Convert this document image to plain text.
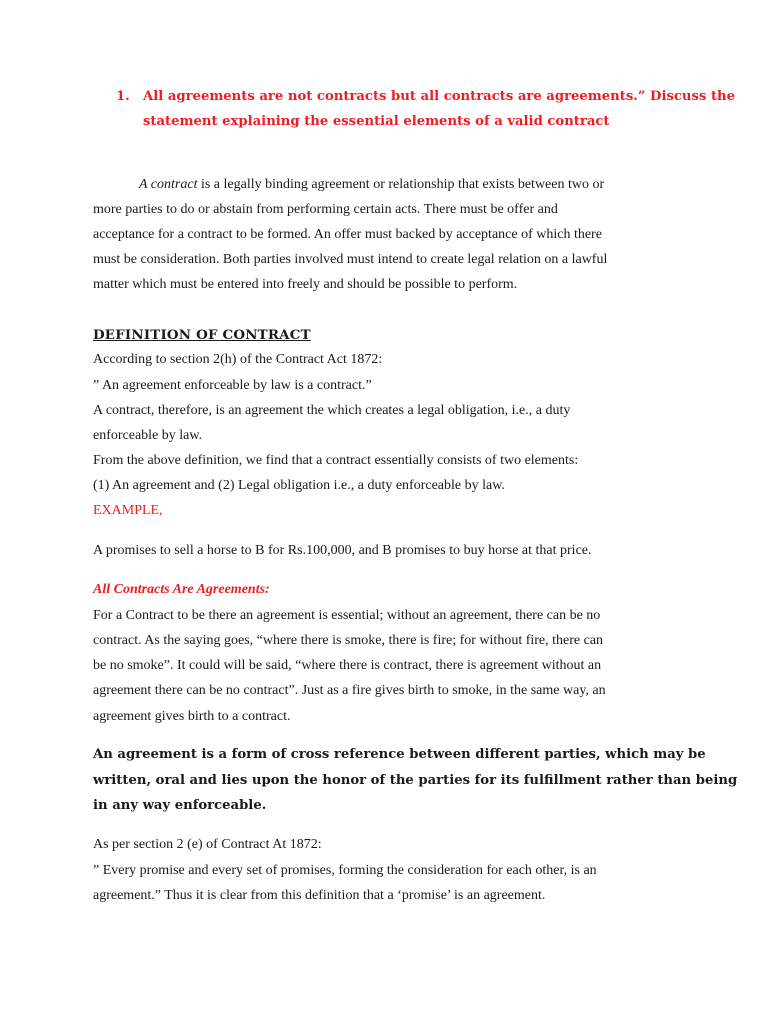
1. All agreements are not contracts but all contracts are agreements.” Discuss the
statement explaining the essential elements of a valid contract
A contract is a legally binding agreement or relationship that exists between two or
more parties to do or abstain from performing certain acts. There must be offer and
acceptance for a contract to be formed. An offer must backed by acceptance of which there
must be consideration. Both parties involved must intend to create legal relation on a lawful
matter which must be entered into freely and should be possible to perform.
DEFINITION OF CONTRACT
According to section 2(h) of the Contract Act 1872:
” An agreement enforceable by law is a contract.”
A contract, therefore, is an agreement the which creates a legal obligation, i.e., a duty
enforceable by law.
From the above definition, we find that a contract essentially consists of two elements:
(1) An agreement and (2) Legal obligation i.e., a duty enforceable by law.
EXAMPLE,
A promises to sell a horse to B for Rs.100,000, and B promises to buy horse at that price.
All Contracts Are Agreements:
For a Contract to be there an agreement is essential; without an agreement, there can be no
contract. As the saying goes, “where there is smoke, there is fire; for without fire, there can
be no smoke”. It could will be said, “where there is contract, there is agreement without an
agreement there can be no contract”. Just as a fire gives birth to smoke, in the same way, an
agreement gives birth to a contract.
An agreement is a form of cross reference between different parties, which may be
written, oral and lies upon the honor of the parties for its fulfillment rather than being
in any way enforceable.
As per section 2 (e) of Contract At 1872:
” Every promise and every set of promises, forming the consideration for each other, is an
agreement.” Thus it is clear from this definition that a ‘promise’ is an agreement.
